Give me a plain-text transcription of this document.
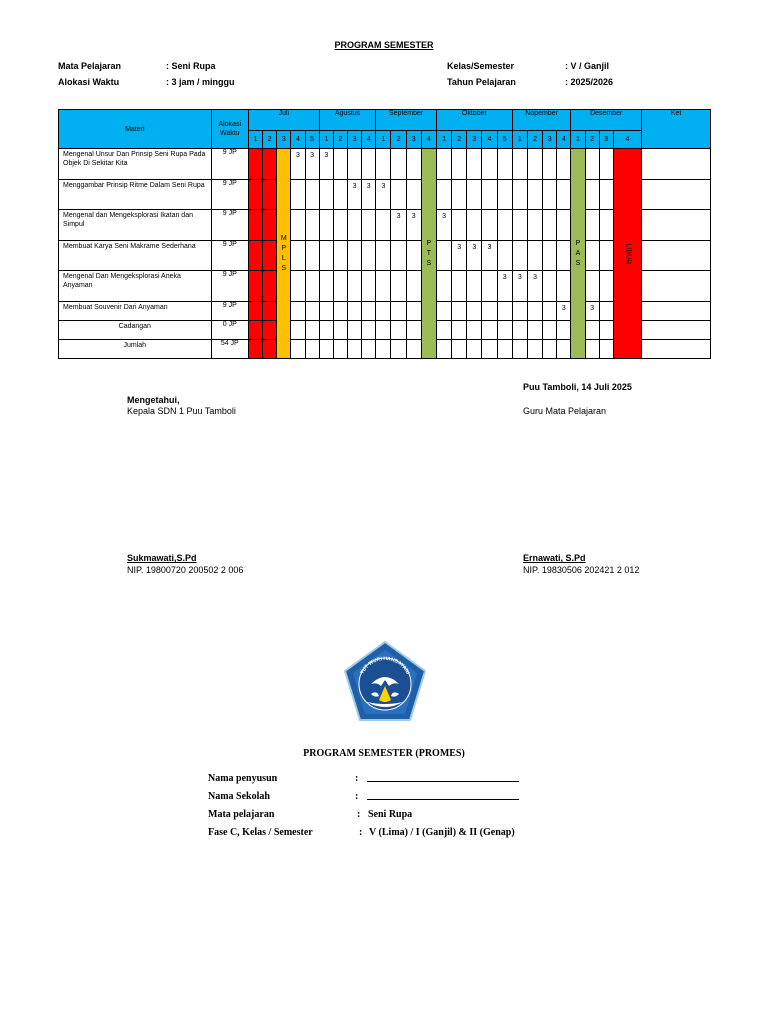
PROGRAM SEMESTER
Mata Pelajaran	: Seni Rupa
Alokasi Waktu	: 3 jam / minggu
Kelas/Semester	: V / Ganjil
Tahun Pelajaran	: 2025/2026
Materi	Alokasi Waktu	Juli					Agustus				September				Oktober					Nopember				Desember				Ket
		1	2	3	4	5	1	2	3	4	1	2	3	4	1	2	3	4	5	1	2	3	4	1	2	3	4	
Mengenal Unsur Dan Prinsip Seni Rupa Pada Objek Di Sekitar Kita	9 JP			MPLS	3	3	3							PTS										PAS			LIBUR	
Menggambar Prinsip Ritme Dalam Seni Rupa	9 JP								3	3	3																	
Mengenal dan Mengeksplorasi Ikatan dan Simpul	9 JP											3	3		3													
Membuat Karya Seni Makrame Sederhana	9 JP															3	3	3										
Mengenal Dan Mengeksplorasi Aneka Anyaman	9 JP																		3	3	3							
Membuat Souvenir Dari Anyaman	9 JP																						3		3			
Cadangan	0 JP																											
Jumlah	54 JP																											
Puu Tamboli, 14 Juli 2025
Mengetahui,
Kepala SDN 1 Puu Tamboli	Guru Mata Pelajaran
Sukmawati,S.Pd
NIP. 19800720 200502 2 006
Ernawati, S.Pd
NIP. 19830506 202421 2 012
TUT WURI HANDAYANI
PROGRAM SEMESTER (PROMES)
Nama penyusun	:
Nama Sekolah	:
Mata pelajaran	: Seni Rupa
Fase C, Kelas / Semester	: V (Lima) / I (Ganjil) & II (Genap)
